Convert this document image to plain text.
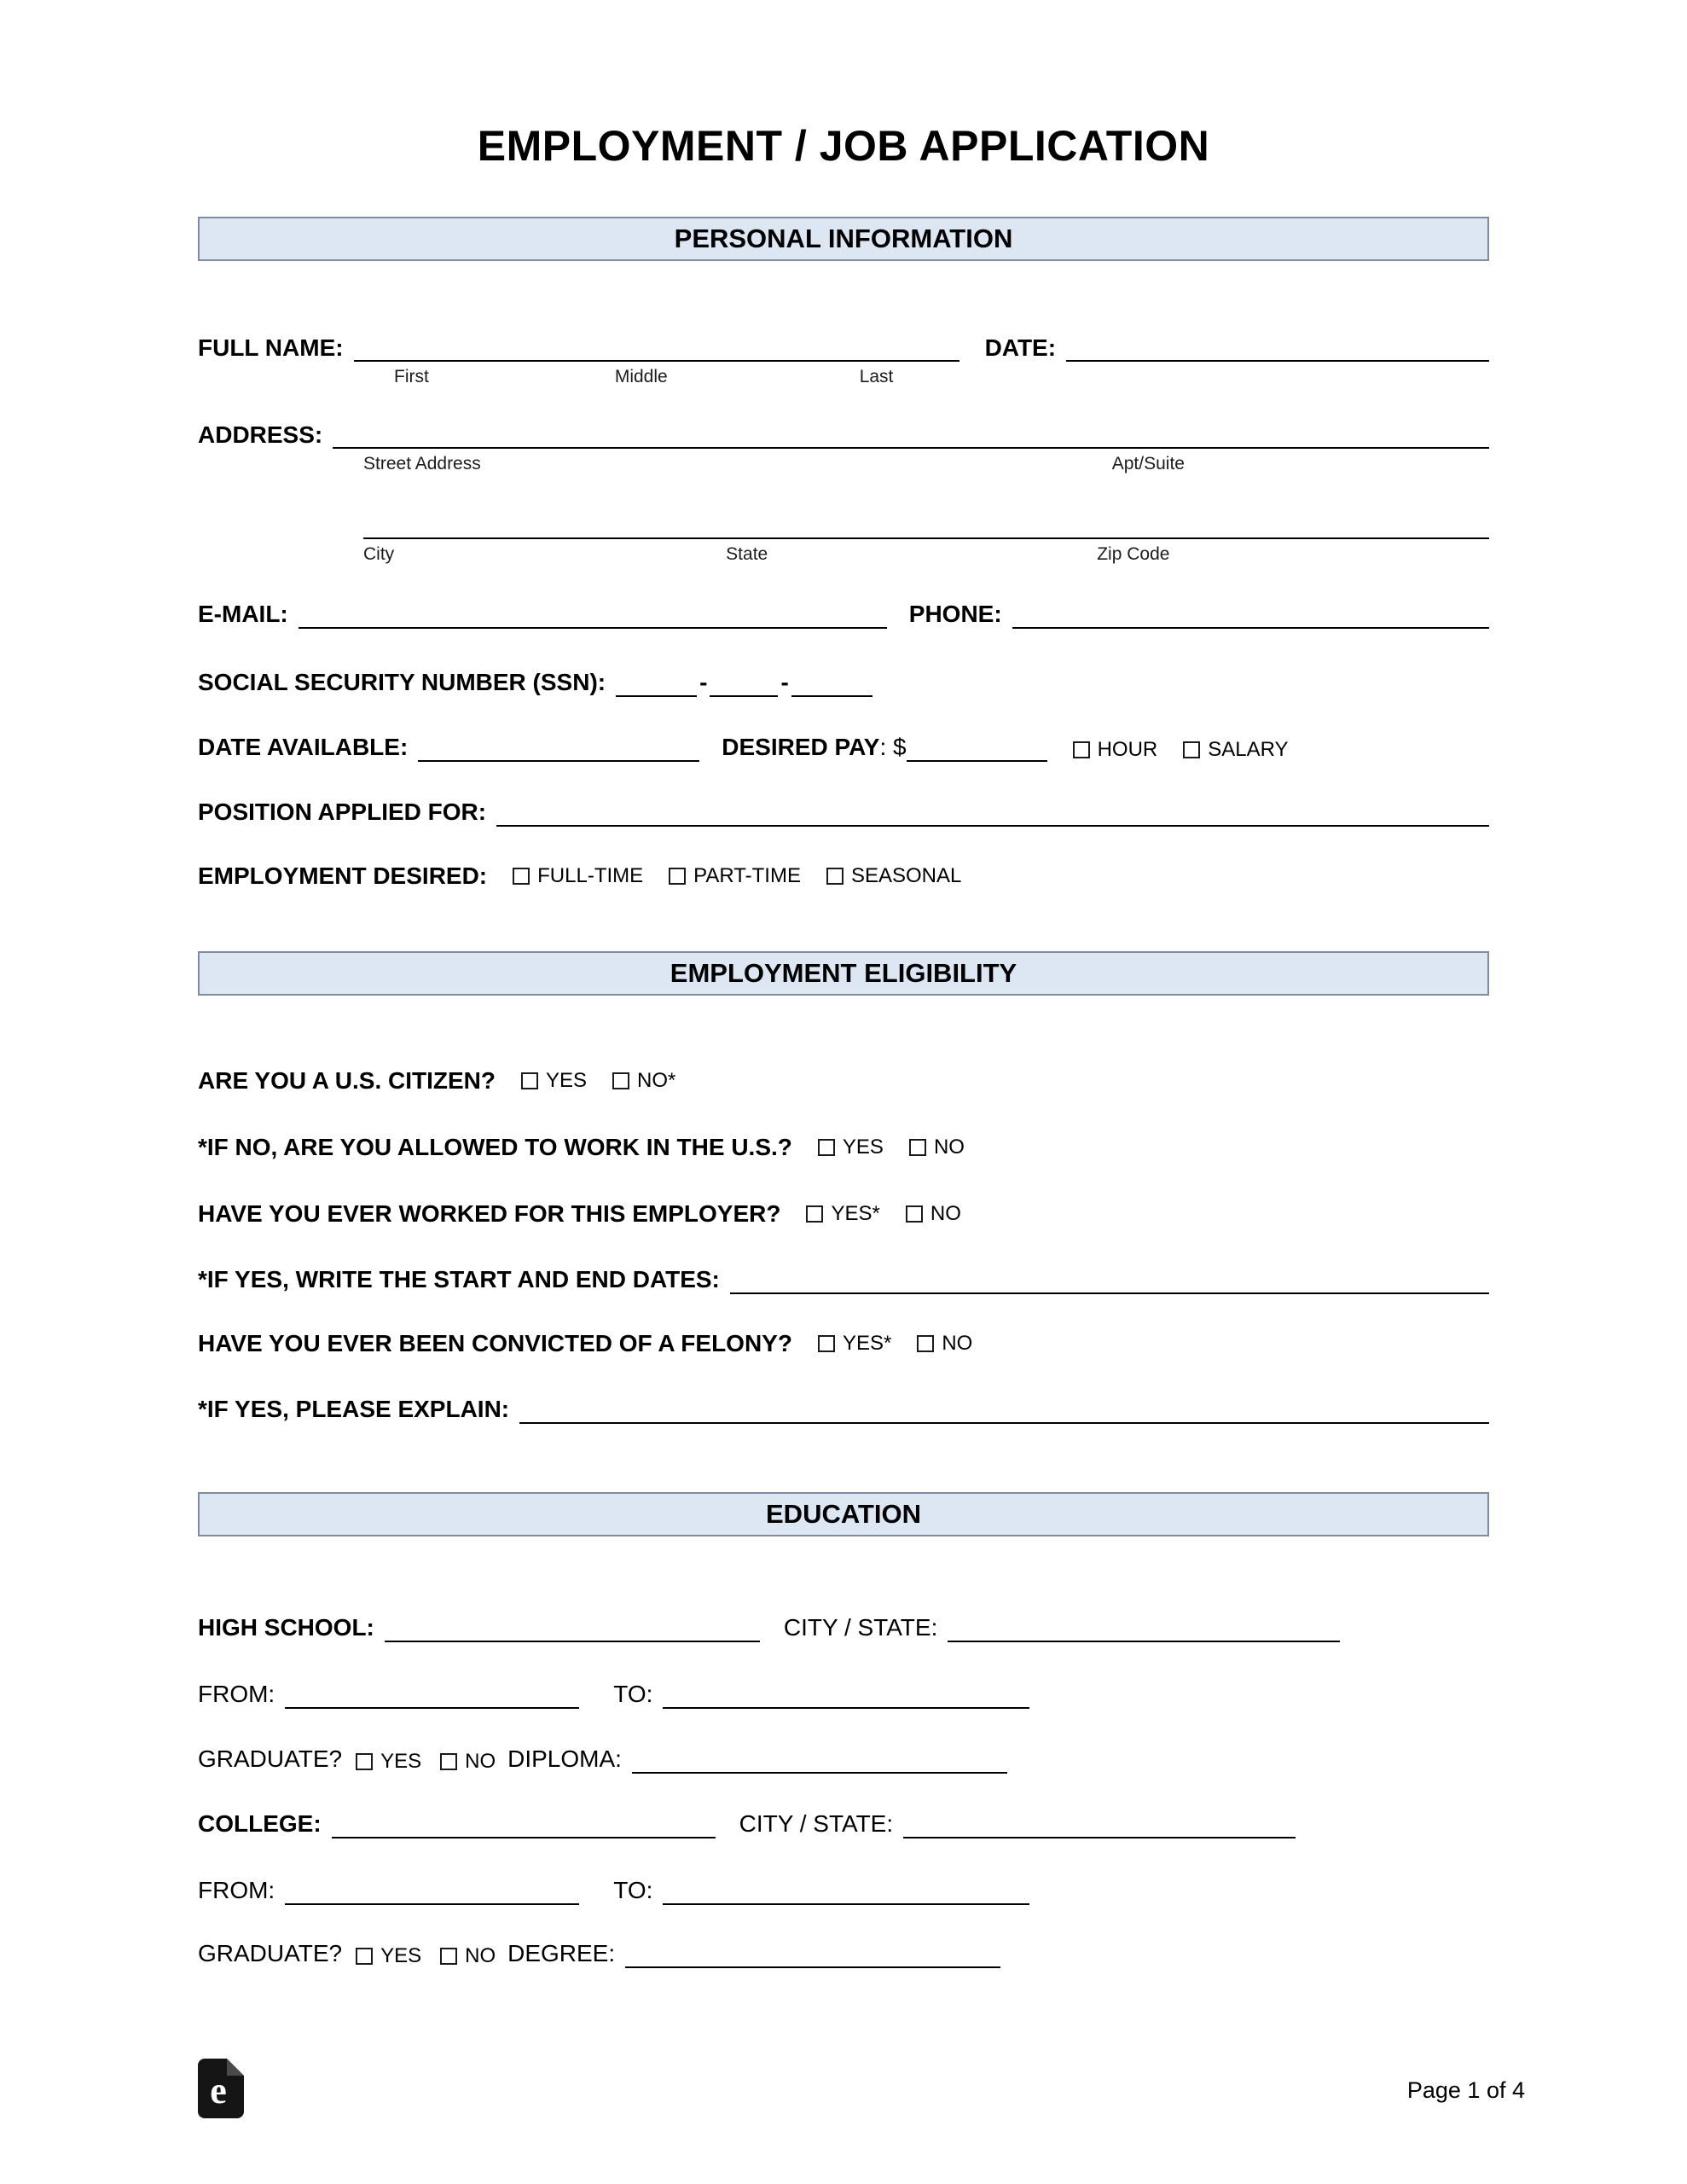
EMPLOYMENT / JOB APPLICATION
PERSONAL INFORMATION
FULL NAME:	DATE:
First	Middle	Last
ADDRESS:
Street Address	Apt/Suite
City	State	Zip Code
E-MAIL:	PHONE:
SOCIAL SECURITY NUMBER (SSN):	-	-
DATE AVAILABLE:	DESIRED PAY : $	HOUR SALARY
POSITION APPLIED FOR:
EMPLOYMENT DESIRED: FULL-TIME PART-TIME SEASONAL
EMPLOYMENT ELIGIBILITY
ARE YOU A U.S. CITIZEN? YES NO*
*IF NO, ARE YOU ALLOWED TO WORK IN THE U.S.? YES NO
HAVE YOU EVER WORKED FOR THIS EMPLOYER? YES* NO
*IF YES, WRITE THE START AND END DATES:
HAVE YOU EVER BEEN CONVICTED OF A FELONY? YES* NO
*IF YES, PLEASE EXPLAIN:
EDUCATION
HIGH SCHOOL:	CITY / STATE:
FROM:	TO:
GRADUATE? YES NO DIPLOMA:
COLLEGE:	CITY / STATE:
FROM:	TO:
GRADUATE? YES NO DEGREE:
e	Page 1 of 4
